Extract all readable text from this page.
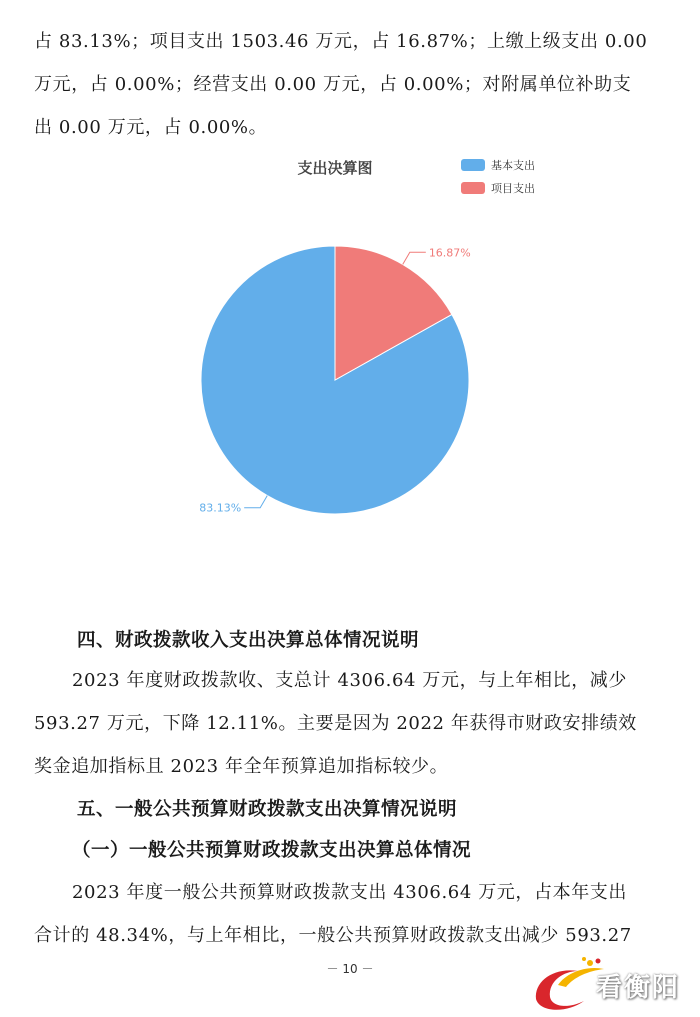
占 83.13%；项目支出 1503.46 万元，占 16.87%；上缴上级支出 0.00
万元，占 0.00%；经营支出 0.00 万元，占 0.00%；对附属单位补助支
出 0.00 万元，占 0.00%。
83.13%
16.87%
支出决算图	基本支出
项目支出
四、财政拨款收入支出决算总体情况说明
2023 年度财政拨款收、支总计 4306.64 万元，与上年相比，减少
593.27 万元，下降 12.11%。主要是因为 2022 年获得市财政安排绩效
奖金追加指标且 2023 年全年预算追加指标较少。
五、一般公共预算财政拨款支出决算情况说明
（一）一般公共预算财政拨款支出决算总体情况
2023 年度一般公共预算财政拨款支出 4306.64 万元，占本年支出
合计的 48.34%，与上年相比，一般公共预算财政拨款支出减少 593.27
－ 10 －
看衡阳
